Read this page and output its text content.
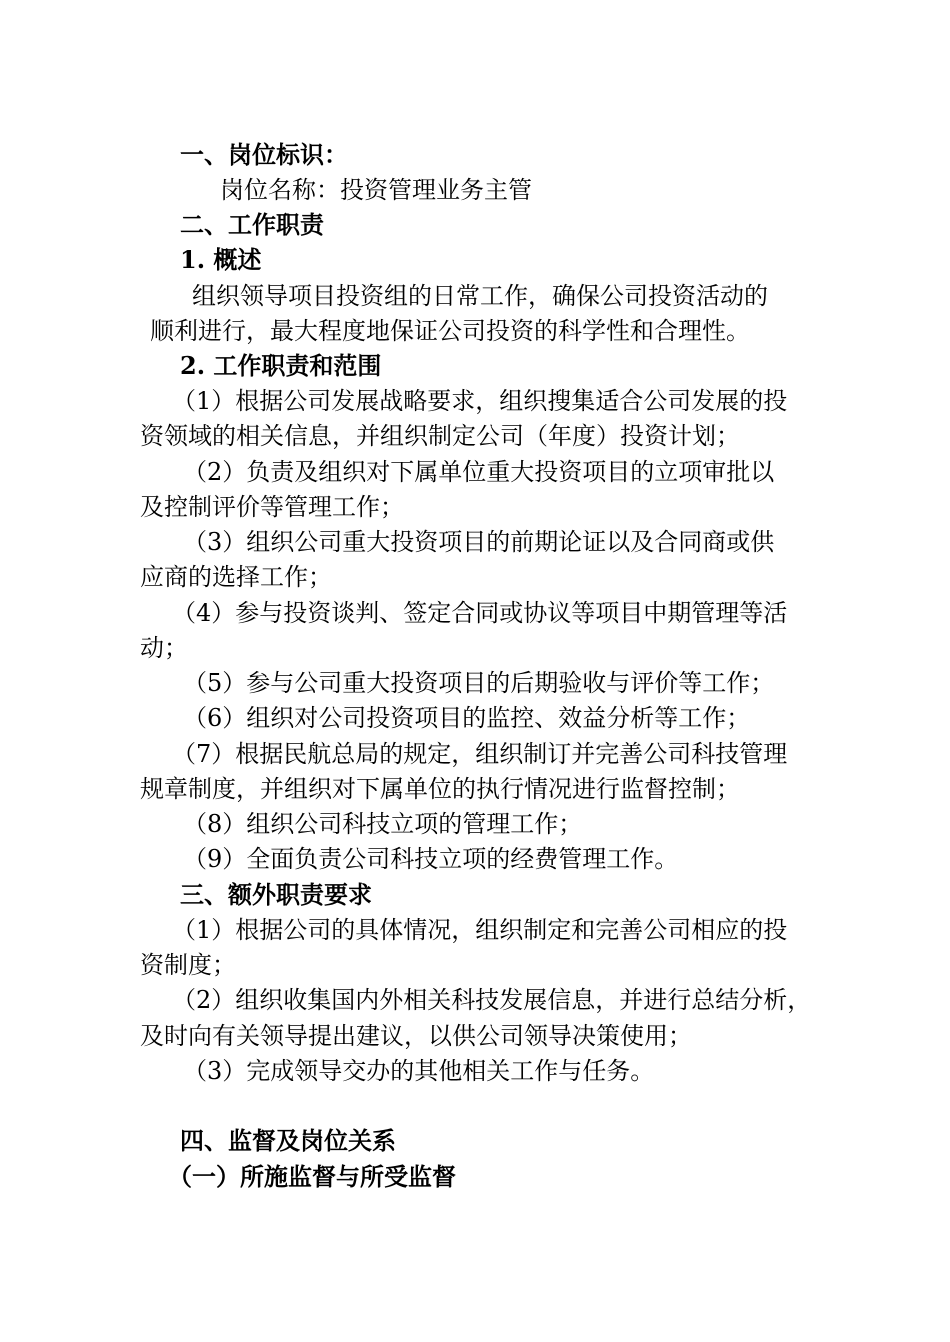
一、岗位标识：
岗位名称：投资管理业务主管
二、工作职责
1. 概述
组织领导项目投资组的日常工作，确保公司投资活动的
顺利进行，最大程度地保证公司投资的科学性和合理性。
2. 工作职责和范围
（1）根据公司发展战略要求，组织搜集适合公司发展的投
资领域的相关信息，并组织制定公司（年度）投资计划；
（2）负责及组织对下属单位重大投资项目的立项审批以
及控制评价等管理工作；
（3）组织公司重大投资项目的前期论证以及合同商或供
应商的选择工作；
（4）参与投资谈判、签定合同或协议等项目中期管理等活
动；
（5）参与公司重大投资项目的后期验收与评价等工作；
（6）组织对公司投资项目的监控、效益分析等工作；
（7）根据民航总局的规定，组织制订并完善公司科技管理
规章制度，并组织对下属单位的执行情况进行监督控制；
（8）组织公司科技立项的管理工作；
（9）全面负责公司科技立项的经费管理工作。
三、额外职责要求
（1）根据公司的具体情况，组织制定和完善公司相应的投
资制度；
（2）组织收集国内外相关科技发展信息，并进行总结分析，
及时向有关领导提出建议，以供公司领导决策使用；
（3）完成领导交办的其他相关工作与任务。
四、监督及岗位关系
（一）所施监督与所受监督
